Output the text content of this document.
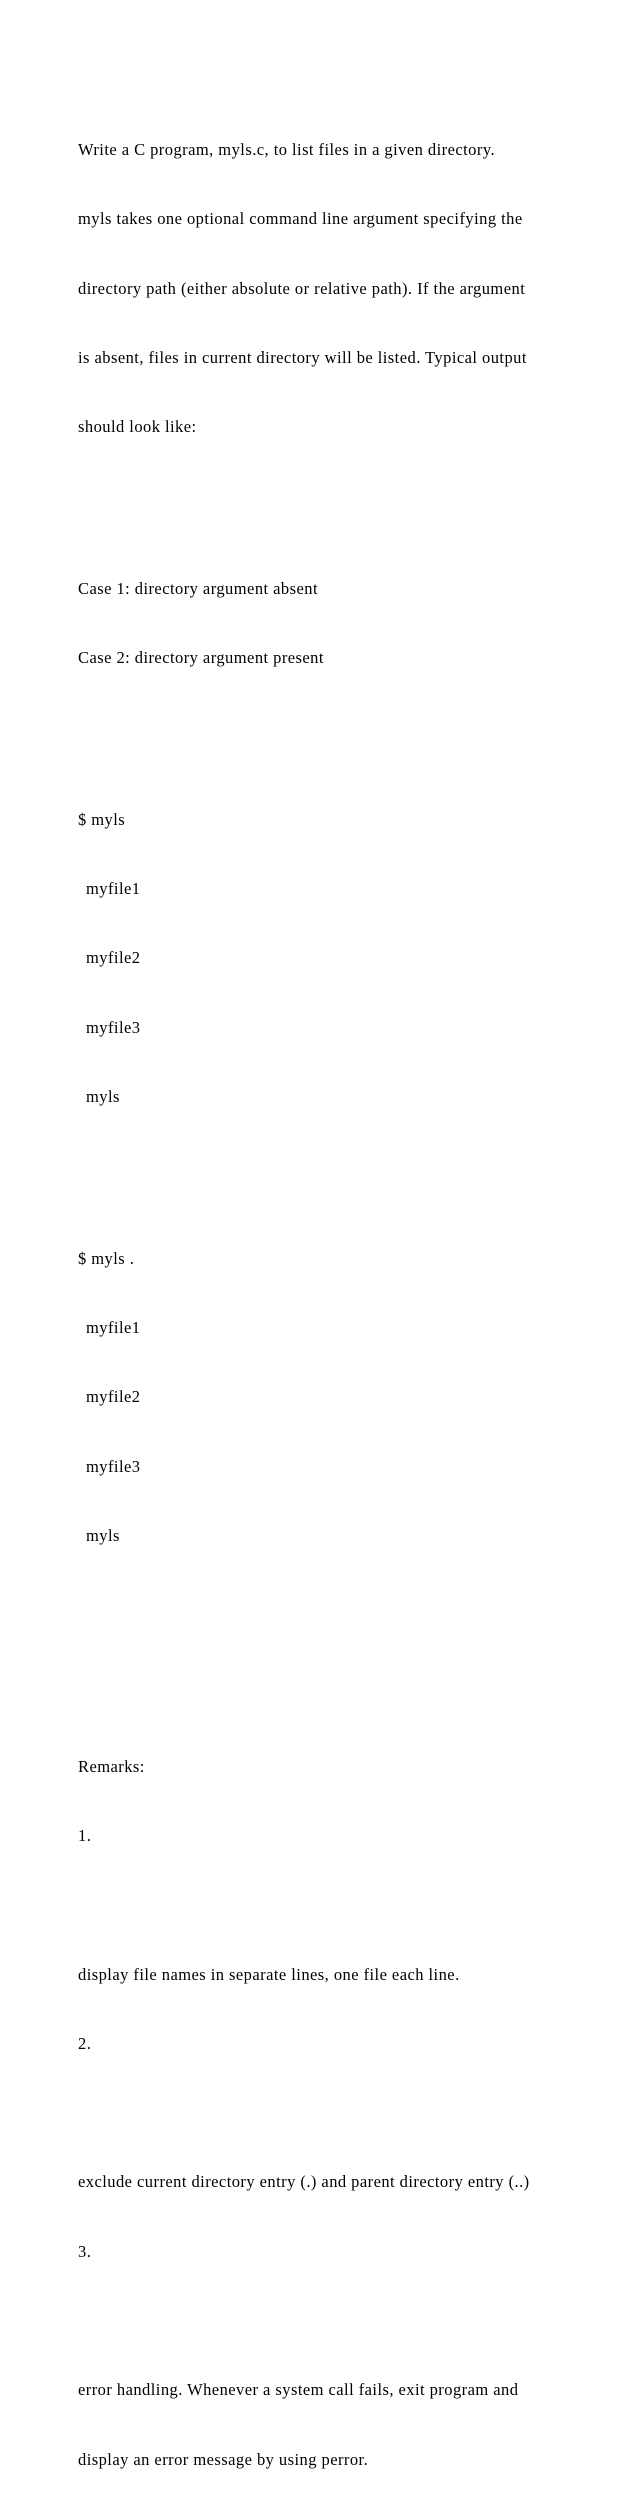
Write a C program, myls.c, to list files in a given directory.

myls takes one optional command line argument specifying the

directory path (either absolute or relative path). If the argument

is absent, files in current directory will be listed. Typical output

should look like:

Case 1: directory argument absent

Case 2: directory argument present

$ myls

myfile1

myfile2

myfile3

myls

$ myls .

myfile1

myfile2

myfile3

myls

Remarks:

1.

display file names in separate lines, one file each line.

2.

exclude current directory entry (.) and parent directory entry (..)

3.

error handling. Whenever a system call fails, exit program and

display an error message by using perror.
